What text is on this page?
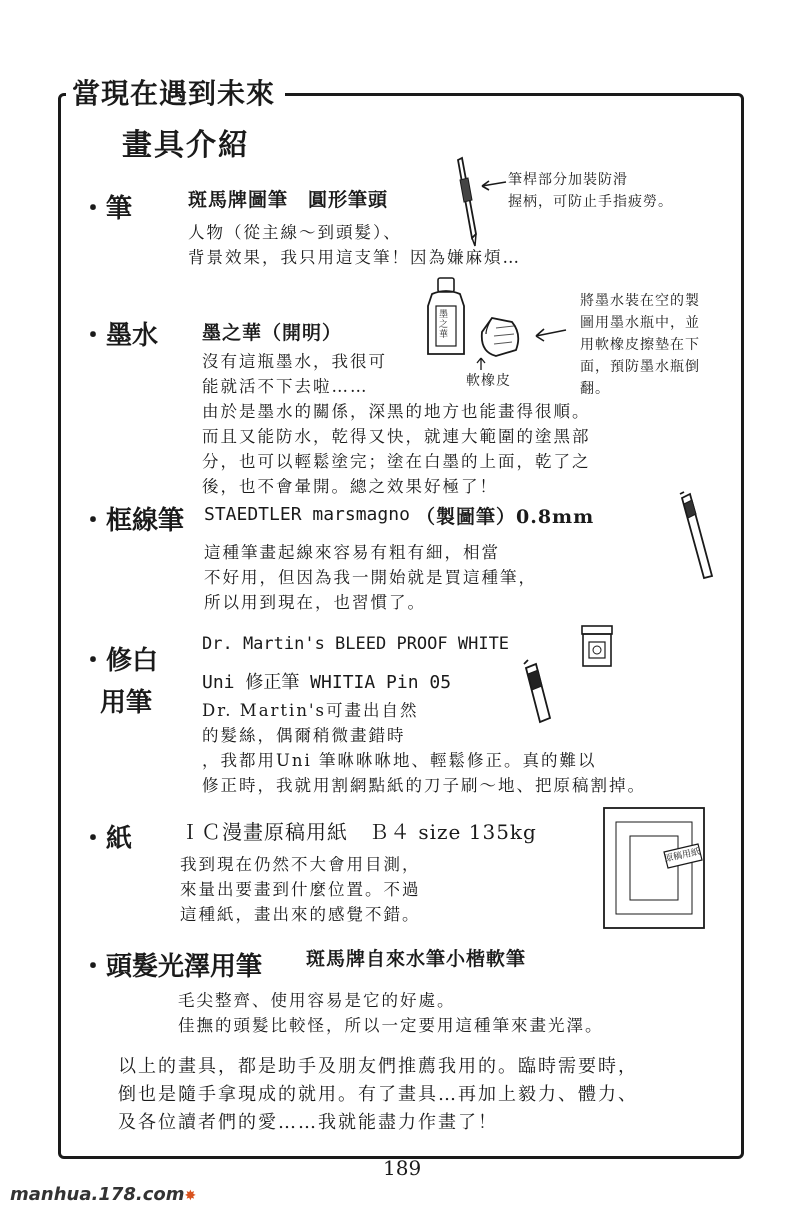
當現在遇到未來
畫具介紹
・筆	斑馬牌圖筆　圓形筆頭
筆桿部分加裝防滑
握柄，可防止手指疲勞。
人物（從主線～到頭髮）、
背景效果，我只用這支筆！因為嫌麻煩…
・墨水 墨之華（開明）
墨之華
軟橡皮
將墨水裝在空的製
圖用墨水瓶中，並
用軟橡皮擦墊在下
面，預防墨水瓶倒
翻。
沒有這瓶墨水，我很可
能就活不下去啦……
由於是墨水的關係，深黑的地方也能畫得很順。
而且又能防水，乾得又快，就連大範圍的塗黑部
分，也可以輕鬆塗完；塗在白墨的上面，乾了之
後，也不會暈開。總之效果好極了！
・框線筆 STAEDTLER marsmagno （製圖筆）0.8mm
這種筆畫起線來容易有粗有細，相當
不好用，但因為我一開始就是買這種筆，
所以用到現在，也習慣了。
・修白
用筆
Dr. Martin's BLEED PROOF WHITE
Uni 修正筆 WHITIA Pin 05
Dr. Martin's可畫出自然
的髮絲，偶爾稍微畫錯時
，我都用Uni 筆咻咻咻地、輕鬆修正。真的難以
修正時，我就用割網點紙的刀子刷～地、把原稿割掉。
・紙 ＩＣ漫畫原稿用紙　Ｂ４ size 135kg
原稿用紙
我到現在仍然不大會用目測，
來量出要畫到什麼位置。不過
這種紙，畫出來的感覺不錯。
・頭髮光澤用筆 斑馬牌自來水筆小楷軟筆
毛尖整齊、使用容易是它的好處。
佳撫的頭髮比較怪，所以一定要用這種筆來畫光澤。
以上的畫具，都是助手及朋友們推薦我用的。臨時需要時，
倒也是隨手拿現成的就用。有了畫具…再加上毅力、體力、
及各位讀者們的愛……我就能盡力作畫了！
189
manhua.178.com✸
